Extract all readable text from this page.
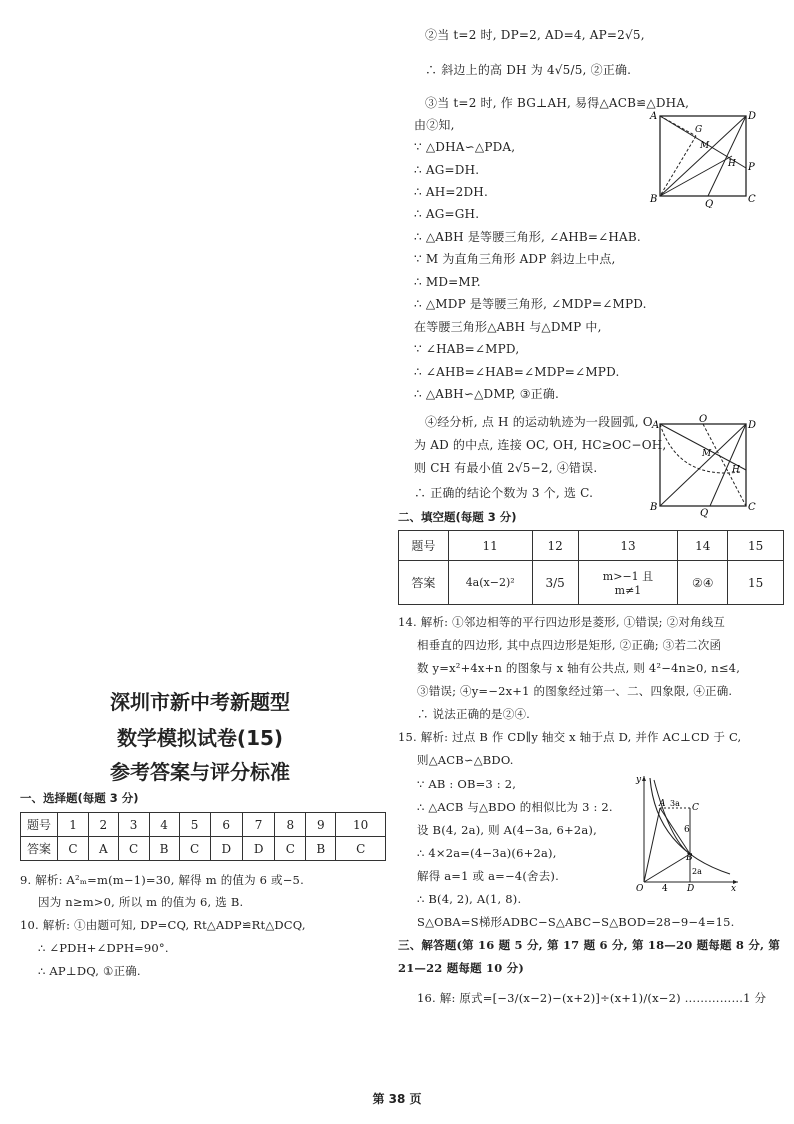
②当 t=2 时, DP=2, AD=4, AP=2√5,
∴ 斜边上的高 DH 为 4√5/5, ②正确.
③当 t=2 时, 作 BG⊥AH, 易得△ACB≌△DHA,
由②知,
∵ △DHA∽△PDA,
∴ AG=DH.
∴ AH=2DH.
∴ AG=GH.
∴ △ABH 是等腰三角形, ∠AHB=∠HAB.
∵ M 为直角三角形 ADP 斜边上中点,
∴ MD=MP.
∴ △MDP 是等腰三角形, ∠MDP=∠MPD.
在等腰三角形△ABH 与△DMP 中,
∵ ∠HAB=∠MPD,
∴ ∠AHB=∠HAB=∠MDP=∠MPD.
∴ △ABH∽△DMP, ③正确.
④经分析, 点 H 的运动轨迹为一段圆弧, O
为 AD 的中点, 连接 OC, OH, HC≥OC−OH,
则 CH 有最小值 2√5−2, ④错误.
∴ 正确的结论个数为 3 个, 选 C.
A	D
G
M
H P
B	Q	C
A
O
D
M
H
B
Q
C
二、填空题(每题 3 分)
题号	11	12	13	14	15
答案	4a(x−2)²	3/5	m>−1 且 m≠1	②④	15
14. 解析: ①邻边相等的平行四边形是菱形, ①错误; ②对角线互
相垂直的四边形, 其中点四边形是矩形, ②正确; ③若二次函
数 y=x²+4x+n 的图象与 x 轴有公共点, 则 4²−4n≥0, n≤4,
③错误; ④y=−2x+1 的图象经过第一、二、四象限, ④正确.
∴ 说法正确的是②④.
15. 解析: 过点 B 作 CD∥y 轴交 x 轴于点 D, 并作 AC⊥CD 于 C,
则△ACB∽△BDO.
∵ AB : OB=3 : 2,
∴ △ACB 与△BDO 的相似比为 3 : 2.
设 B(4, 2a), 则 A(4−3a, 6+2a),
∴ 4×2a=(4−3a)(6+2a),
解得 a=1 或 a=−4(舍去).
∴ B(4, 2), A(1, 8).
S△OBA=S梯形ADBC−S△ABC−S△BOD=28−9−4=15.
y
A 3a C
6
B
2a
O 4 D	x
三、解答题(第 16 题 5 分, 第 17 题 6 分, 第 18—20 题每题 8 分, 第
21—22 题每题 10 分)
16. 解: 原式=[−3/(x−2)−(x+2)]÷(x+1)/(x−2) ……………1 分
深圳市新中考新题型
数学模拟试卷(15)
参考答案与评分标准
一、选择题(每题 3 分)
题号	1	2	3	4	5	6	7	8	9	10
答案	C	A	C	B	C	D	D	C	B	C
9. 解析: A²ₘ=m(m−1)=30, 解得 m 的值为 6 或−5.
因为 n≥m>0, 所以 m 的值为 6, 选 B.
10. 解析: ①由题可知, DP=CQ, Rt△ADP≌Rt△DCQ,
∴ ∠PDH+∠DPH=90°.
∴ AP⊥DQ, ①正确.
第 38 页
